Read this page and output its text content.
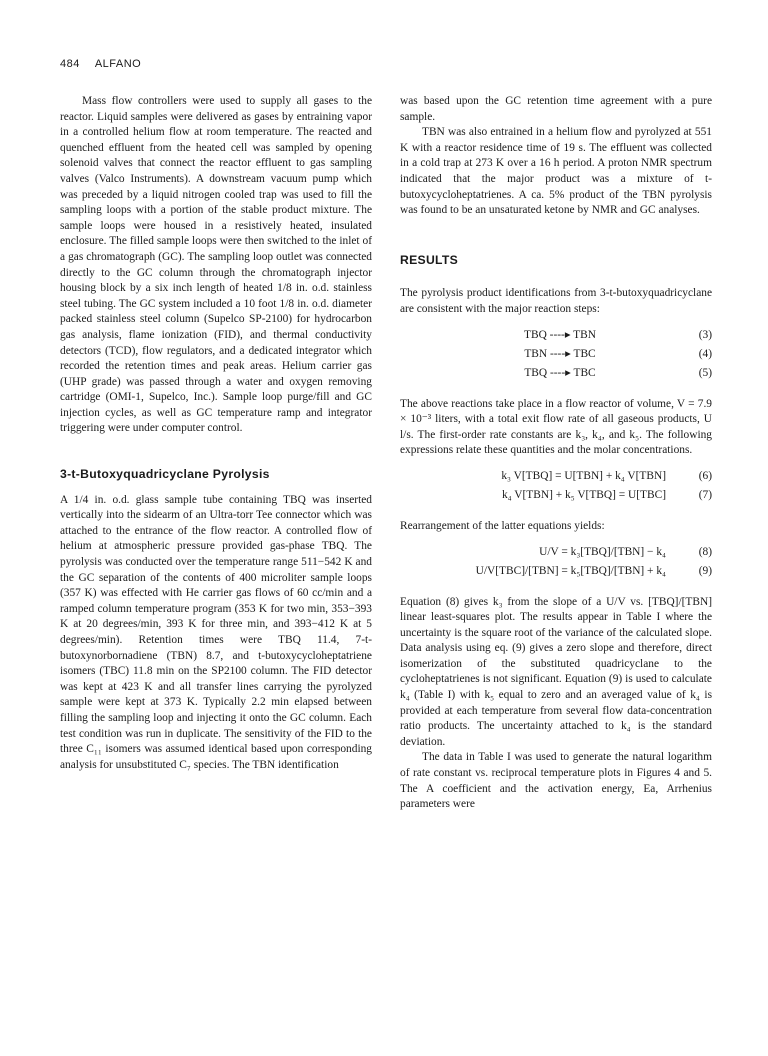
484 ALFANO

Mass flow controllers were used to supply all gases to the reactor. Liquid samples were delivered as gases by entraining vapor in a controlled helium flow at room temperature. The reacted and quenched effluent from the heated cell was sampled by opening solenoid valves that connect the reactor effluent to gas sampling valves (Valco Instruments). A downstream vacuum pump which was preceded by a liquid nitrogen cooled trap was used to fill the sampling loops with a portion of the stable product mixture. The sample loops were housed in a resistively heated, insulated enclosure. The filled sample loops were then switched to the inlet of a gas chromatograph (GC). The sampling loop outlet was connected directly to the GC column through the chromatograph injector housing block by a six inch length of heated 1/8 in. o.d. stainless steel tubing. The GC system included a 10 foot 1/8 in. o.d. diameter packed stainless steel column (Supelco SP-2100) for hydrocarbon gas analysis, flame ionization (FID), and thermal conductivity detectors (TCD), flow regulators, and a dedicated integrator which recorded the retention times and peak areas. Helium carrier gas (UHP grade) was passed through a water and oxygen removing cartridge (OMI-1, Supelco, Inc.). Sample loop purge/fill and GC injection cycles, as well as GC temperature ramp and integrator triggering were under computer control.

3-t-Butoxyquadricyclane Pyrolysis

A 1/4 in. o.d. glass sample tube containing TBQ was inserted vertically into the sidearm of an Ultra-torr Tee connector which was attached to the entrance of the flow reactor. A controlled flow of helium at atmospheric pressure provided gas-phase TBQ. The pyrolysis was conducted over the temperature range 511−542 K and the GC separation of the contents of 400 microliter sample loops (357 K) was effected with He carrier gas flows of 60 cc/min and a ramped column temperature program (353 K for two min, 353−393 K at 20 degrees/min, 393 K for three min, and 393−412 K at 5 degrees/min). Retention times were TBQ 11.4, 7-t-butoxynorbornadiene (TBN) 8.7, and t-butoxycycloheptatriene isomers (TBC) 11.8 min on the SP2100 column. The FID detector was kept at 423 K and all transfer lines carrying the pyrolyzed sample were kept at 373 K. Typically 2.2 min elapsed between filling the sampling loop and injecting it onto the GC column. Each test condition was run in duplicate. The sensitivity of the FID to the three C₁₁ isomers was assumed identical based upon corresponding analysis for unsubstituted C₇ species. The TBN identification

was based upon the GC retention time agreement with a pure sample.

TBN was also entrained in a helium flow and pyrolyzed at 551 K with a reactor residence time of 19 s. The effluent was collected in a cold trap at 273 K over a 16 h period. A proton NMR spectrum indicated that the major product was a mixture of t-butoxycycloheptatrienes. A ca. 5% product of the TBN pyrolysis was found to be an unsaturated ketone by NMR and GC analyses.

RESULTS

The pyrolysis product identifications from 3-t-butoxyquadricyclane are consistent with the major reaction steps:

TBQ ----▸ TBN	(3)
TBN ----▸ TBC	(4)
TBQ ----▸ TBC	(5)

The above reactions take place in a flow reactor of volume, V = 7.9 × 10⁻³ liters, with a total exit flow rate of all gaseous products, U l/s. The first-order rate constants are k₃, k₄, and k₅. The following expressions relate these quantities and the molar concentrations.

k₃ V[TBQ] = U[TBN] + k₄ V[TBN]	(6)
k₄ V[TBN] + k₅ V[TBQ] = U[TBC]	(7)

Rearrangement of the latter equations yields:

U/V = k₃[TBQ]/[TBN] − k₄	(8)
U/V[TBC]/[TBN] = k₅[TBQ]/[TBN] + k₄	(9)

Equation (8) gives k₃ from the slope of a U/V vs. [TBQ]/[TBN] linear least-squares plot. The results appear in Table I where the uncertainty is the square root of the variance of the calculated slope. Data analysis using eq. (9) gives a zero slope and therefore, direct isomerization of the substituted quadricyclane to the cycloheptatrienes is not significant. Equation (9) is used to calculate k₄ (Table I) with k₅ equal to zero and an averaged value of k₄ is provided at each temperature from several flow data-concentration ratio products. The uncertainty attached to k₄ is the standard deviation.

The data in Table I was used to generate the natural logarithm of rate constant vs. reciprocal temperature plots in Figures 4 and 5. The A coefficient and the activation energy, Ea, Arrhenius parameters were
